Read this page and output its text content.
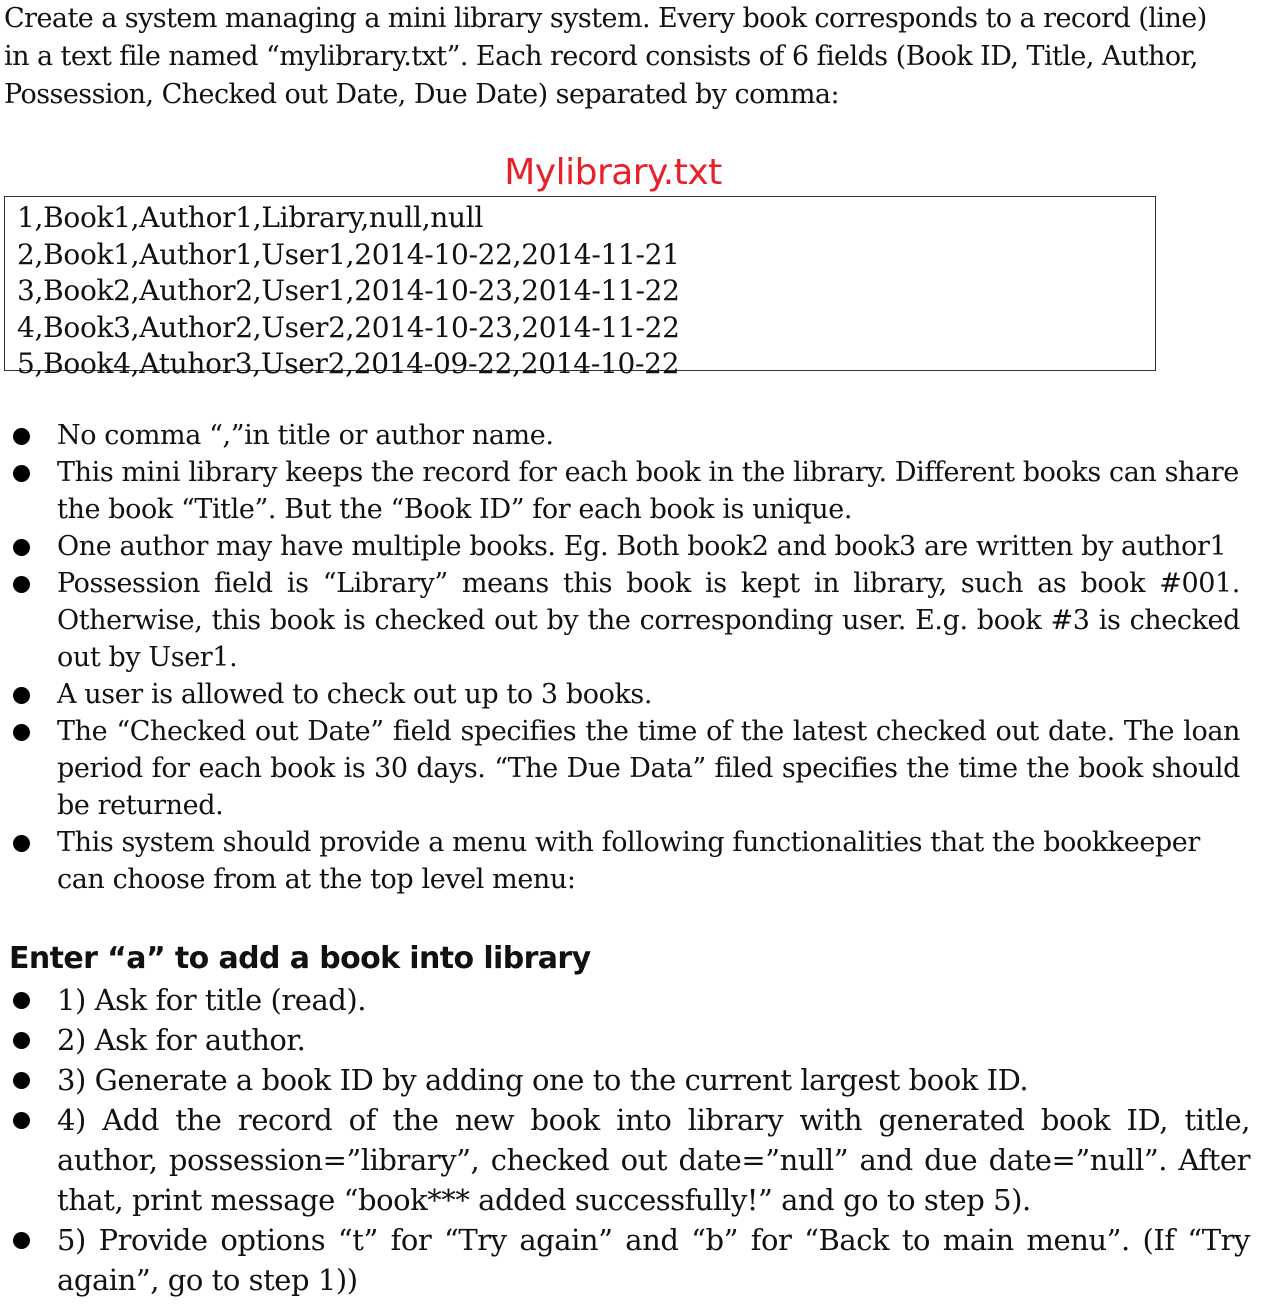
Create a system managing a mini library system. Every book corresponds to a record (line) in a text file named “mylibrary.txt”. Each record consists of 6 fields (Book ID, Title, Author, Possession, Checked out Date, Due Date) separated by comma:

Mylibrary.txt
1,Book1,Author1,Library,null,null
2,Book1,Author1,User1,2014-10-22,2014-11-21
3,Book2,Author2,User1,2014-10-23,2014-11-22
4,Book3,Author2,User2,2014-10-23,2014-11-22
5,Book4,Atuhor3,User2,2014-09-22,2014-10-22
No comma “,”in title or author name.
This mini library keeps the record for each book in the library. Different books can share the book “Title”. But the “Book ID” for each book is unique.
One author may have multiple books. Eg. Both book2 and book3 are written by author1
Possession field is “Library” means this book is kept in library, such as book #001. Otherwise, this book is checked out by the corresponding user. E.g. book #3 is checked out by User1.
A user is allowed to check out up to 3 books.
The “Checked out Date” field specifies the time of the latest checked out date. The loan period for each book is 30 days. “The Due Data” filed specifies the time the book should be returned.
This system should provide a menu with following functionalities that the bookkeeper can choose from at the top level menu:
Enter “a” to add a book into library
1) Ask for title (read).
2) Ask for author.
3) Generate a book ID by adding one to the current largest book ID.
4) Add the record of the new book into library with generated book ID, title, author, possession=”library”, checked out date=”null” and due date=”null”. After that, print message “book*** added successfully!” and go to step 5).
5) Provide options “t” for “Try again” and “b” for “Back to main menu”. (If “Try again”, go to step 1))
